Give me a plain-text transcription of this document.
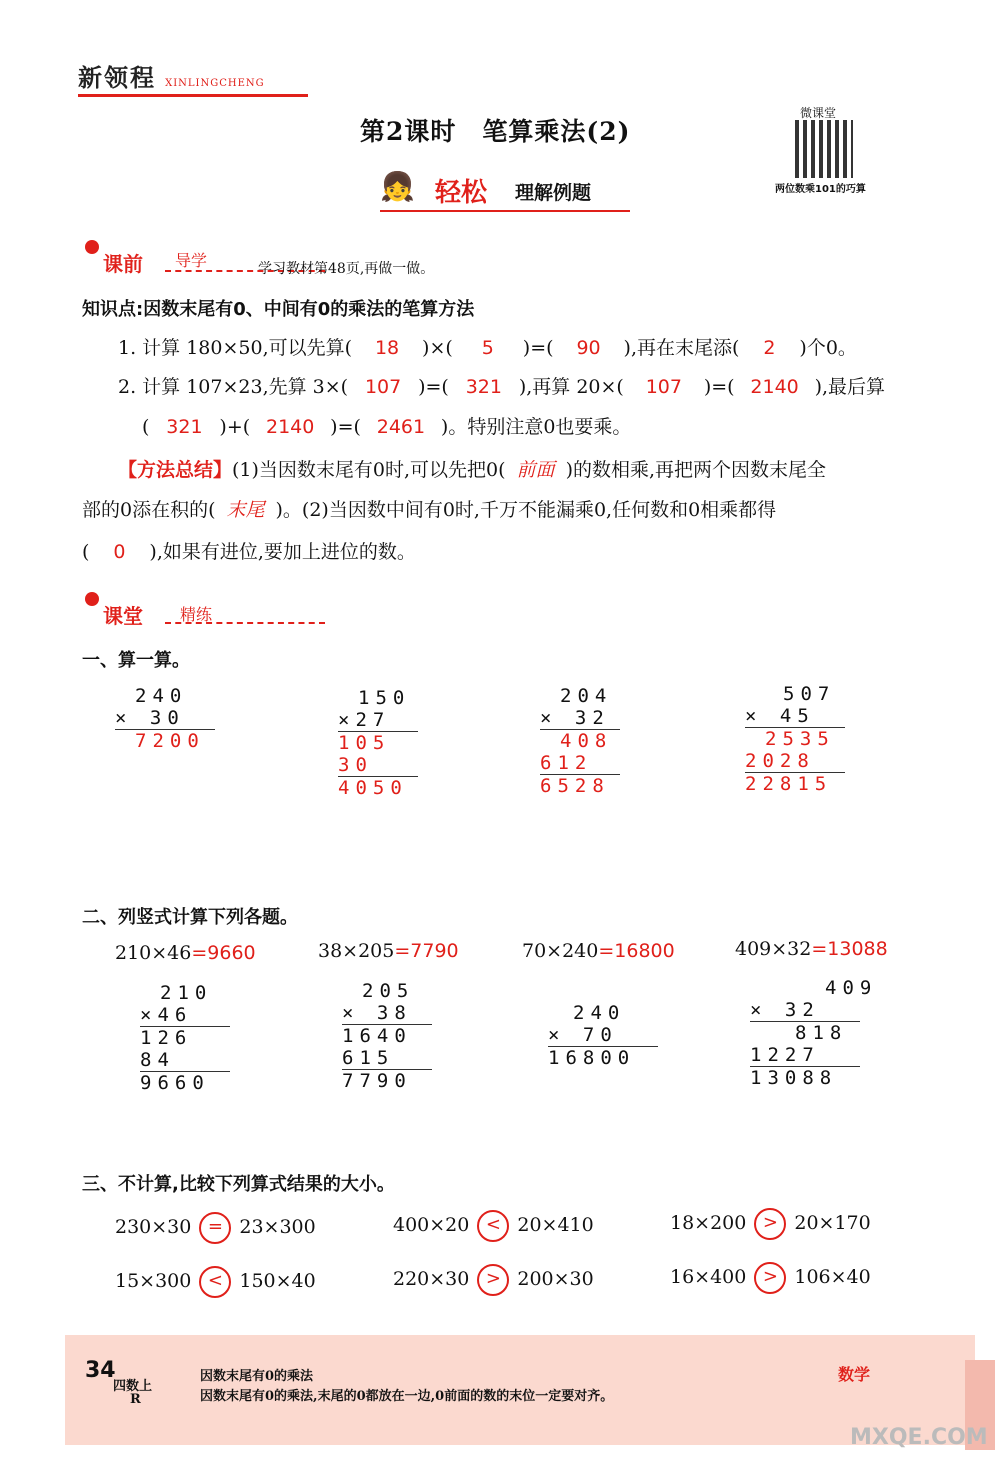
新领程 XINLINGCHENG
第2课时　笔算乘法(2)
微课堂
两位数乘101的巧算
👧 轻松 理解例题
课前 导学	学习教材第48页,再做一做。
知识点:因数末尾有0、中间有0的乘法的笔算方法
1. 计算 180×50,可以先算( 18 )×( 5 )=( 90 ),再在末尾添( 2 )个0。
2. 计算 107×23,先算 3×( 107 )=( 321 ),再算 20×( 107 )=( 2140 ),最后算
( 321 )+( 2140 )=( 2461 )。特别注意0也要乘。
【方法总结】(1)当因数末尾有0时,可以先把0( 前面 )的数相乘,再把两个因数末尾全
部的0添在积的( 末尾 )。(2)当因数中间有0时,千万不能漏乘0,任何数和0相乘都得
( 0 ),如果有进位,要加上进位的数。
课堂 精练
一、算一算。
240
× 30
7200
150
×27
105
30
4050
204
× 32
408
612
6528
507
× 45
2535
2028
22815
二、列竖式计算下列各题。
210×46=9660	38×205=7790	70×240=16800	409×32=13088
210
×46
126
84
9660
205
× 38
1640
615
7790
240
× 70
16800
409
× 32
818
1227
13088
三、不计算,比较下列算式结果的大小。
230×30 = 23×300	400×20 < 20×410	18×200 > 20×170
15×300 < 150×40	220×30 > 200×30	16×400 > 106×40
34
四数上
R
因数末尾有0的乘法
因数末尾有0的乘法,末尾的0都放在一边,0前面的数的末位一定要对齐。
数学
MXQE.COM
